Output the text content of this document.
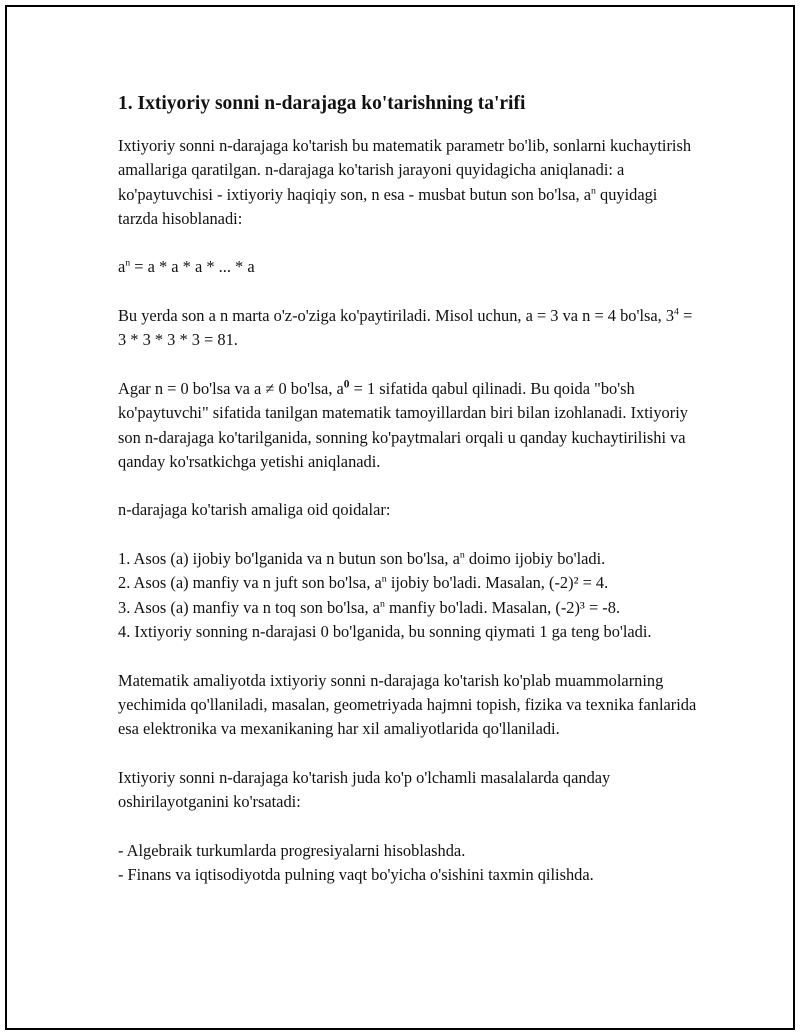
1. Ixtiyoriy sonni n-darajaga ko'tarishning ta'rifi

Ixtiyoriy sonni n-darajaga ko'tarish bu matematik parametr bo'lib, sonlarni kuchaytirish amallariga qaratilgan. n-darajaga ko'tarish jarayoni quyidagicha aniqlanadi: a ko'paytuvchisi - ixtiyoriy haqiqiy son, n esa - musbat butun son bo'lsa, $a^n$ quyidagi tarzda hisoblanadi:

$a^n = a * a * a$ * ... * a

Bu yerda son a n marta o'z-o'ziga ko'paytiriladi. Misol uchun, a = 3 va n = 4 bo'lsa, $3^4 = 3 * 3 * 3 * 3 = 81$.

Agar n = 0 bo'lsa va a ≠ 0 bo'lsa, $a^0 = 1$ sifatida qabul qilinadi. Bu qoida "bo'sh ko'paytuvchi" sifatida tanilgan matematik tamoyillardan biri bilan izohlanadi. Ixtiyoriy son n-darajaga ko'tarilganida, sonning ko'paytmalari orqali u qanday kuchaytirilishi va qanday ko'rsatkichga yetishi aniqlanadi.

n-darajaga ko'tarish amaliga oid qoidalar:

1. Asos (a) ijobiy bo'lganida va n butun son bo'lsa, $a^n$ doimo ijobiy bo'ladi.

2. Asos (a) manfiy va n juft son bo'lsa, $a^n$ ijobiy bo'ladi. Masalan, (-2)² = 4.

3. Asos (a) manfiy va n toq son bo'lsa, $a^n$ manfiy bo'ladi. Masalan, (-2)³ = -8.

4. Ixtiyoriy sonning n-darajasi 0 bo'lganida, bu sonning qiymati 1 ga teng bo'ladi.

Matematik amaliyotda ixtiyoriy sonni n-darajaga ko'tarish ko'plab muammolarning yechimida qo'llaniladi, masalan, geometriyada hajmni topish, fizika va texnika fanlarida esa elektronika va mexanikaning har xil amaliyotlarida qo'llaniladi.

Ixtiyoriy sonni n-darajaga ko'tarish juda ko'p o'lchamli masalalarda qanday oshirilayotganini ko'rsatadi:

- Algebraik turkumlarda progresiyalarni hisoblashda.

- Finans va iqtisodiyotda pulning vaqt bo'yicha o'sishini taxmin qilishda.
